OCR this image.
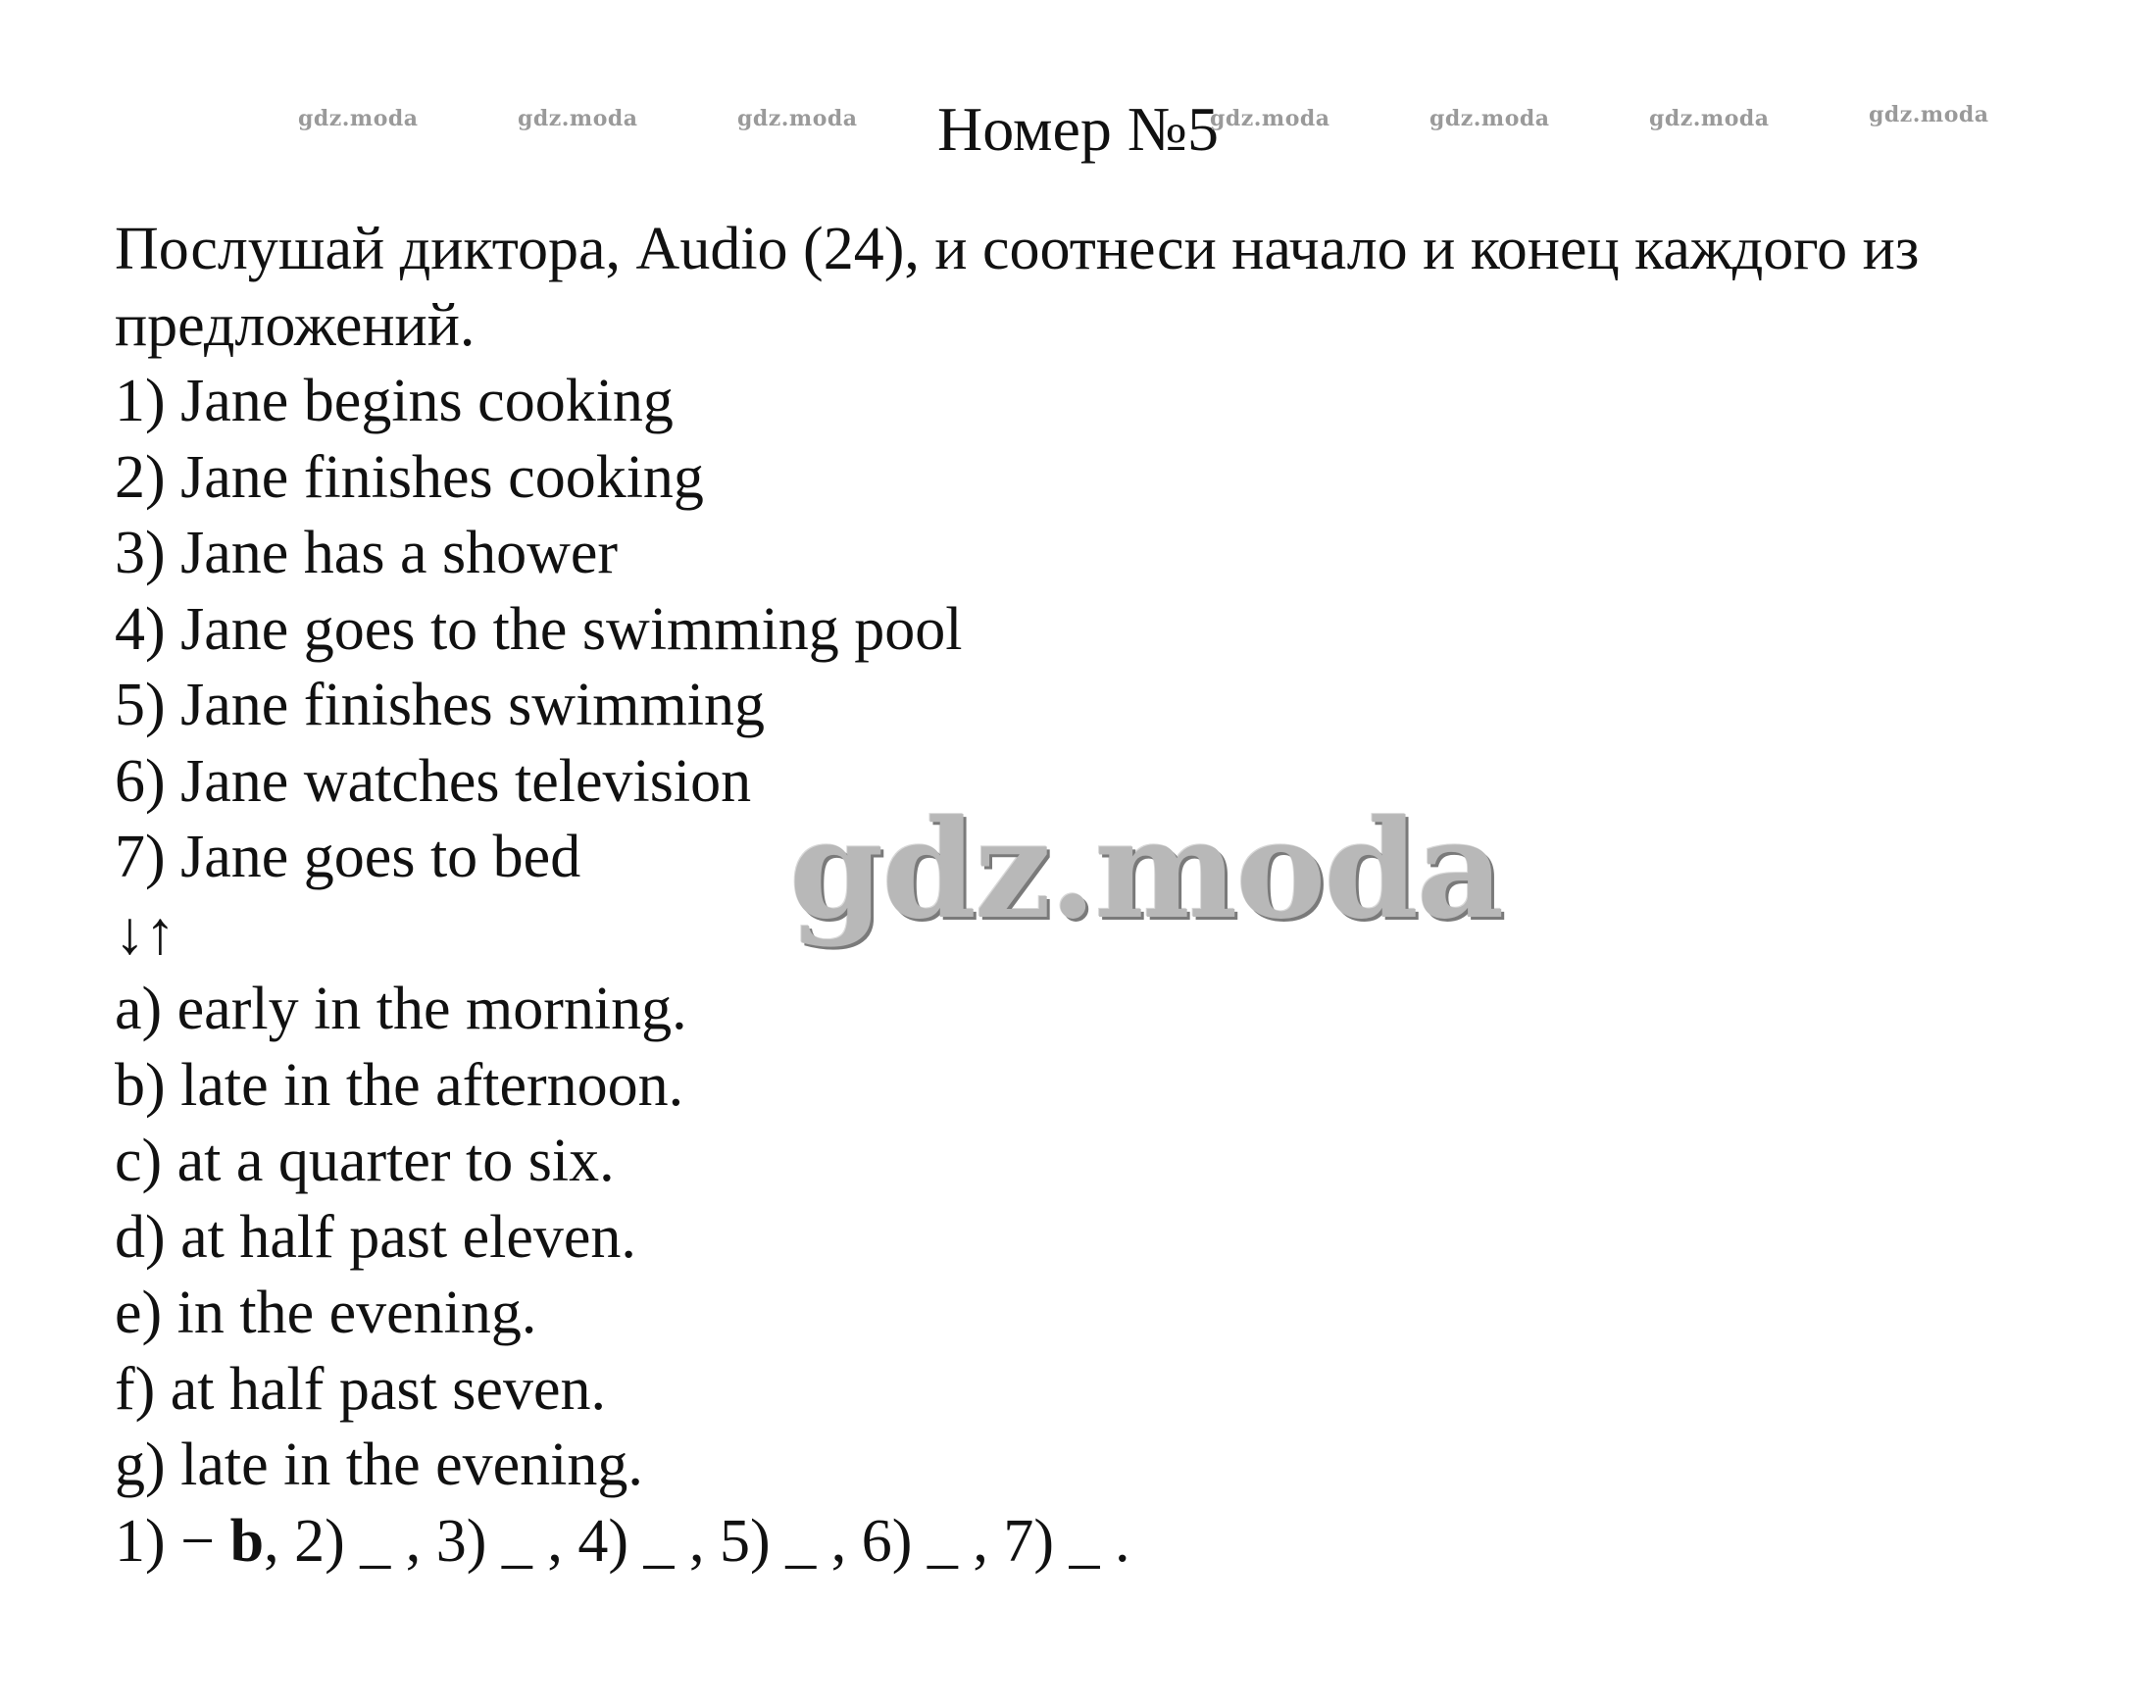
Номер №5
gdz.moda	gdz.moda	gdz.moda	gdz.moda	gdz.moda	gdz.moda	gdz.moda
Послушай диктора, Audio (24), и соотнеси начало и конец каждого из предложений.
1) Jane begins cooking
2) Jane finishes cooking
3) Jane has a shower
4) Jane goes to the swimming pool
5) Jane finishes swimming
6) Jane watches television
7) Jane goes to bed
↓↑
a) early in the morning.
b) late in the afternoon.
c) at a quarter to six.
d) at half past eleven.
e) in the evening.
f) at half past seven.
g) late in the evening.
1) − b, 2) _ , 3) _ , 4) _ , 5) _ , 6) _ , 7) _ .
gdz.moda
